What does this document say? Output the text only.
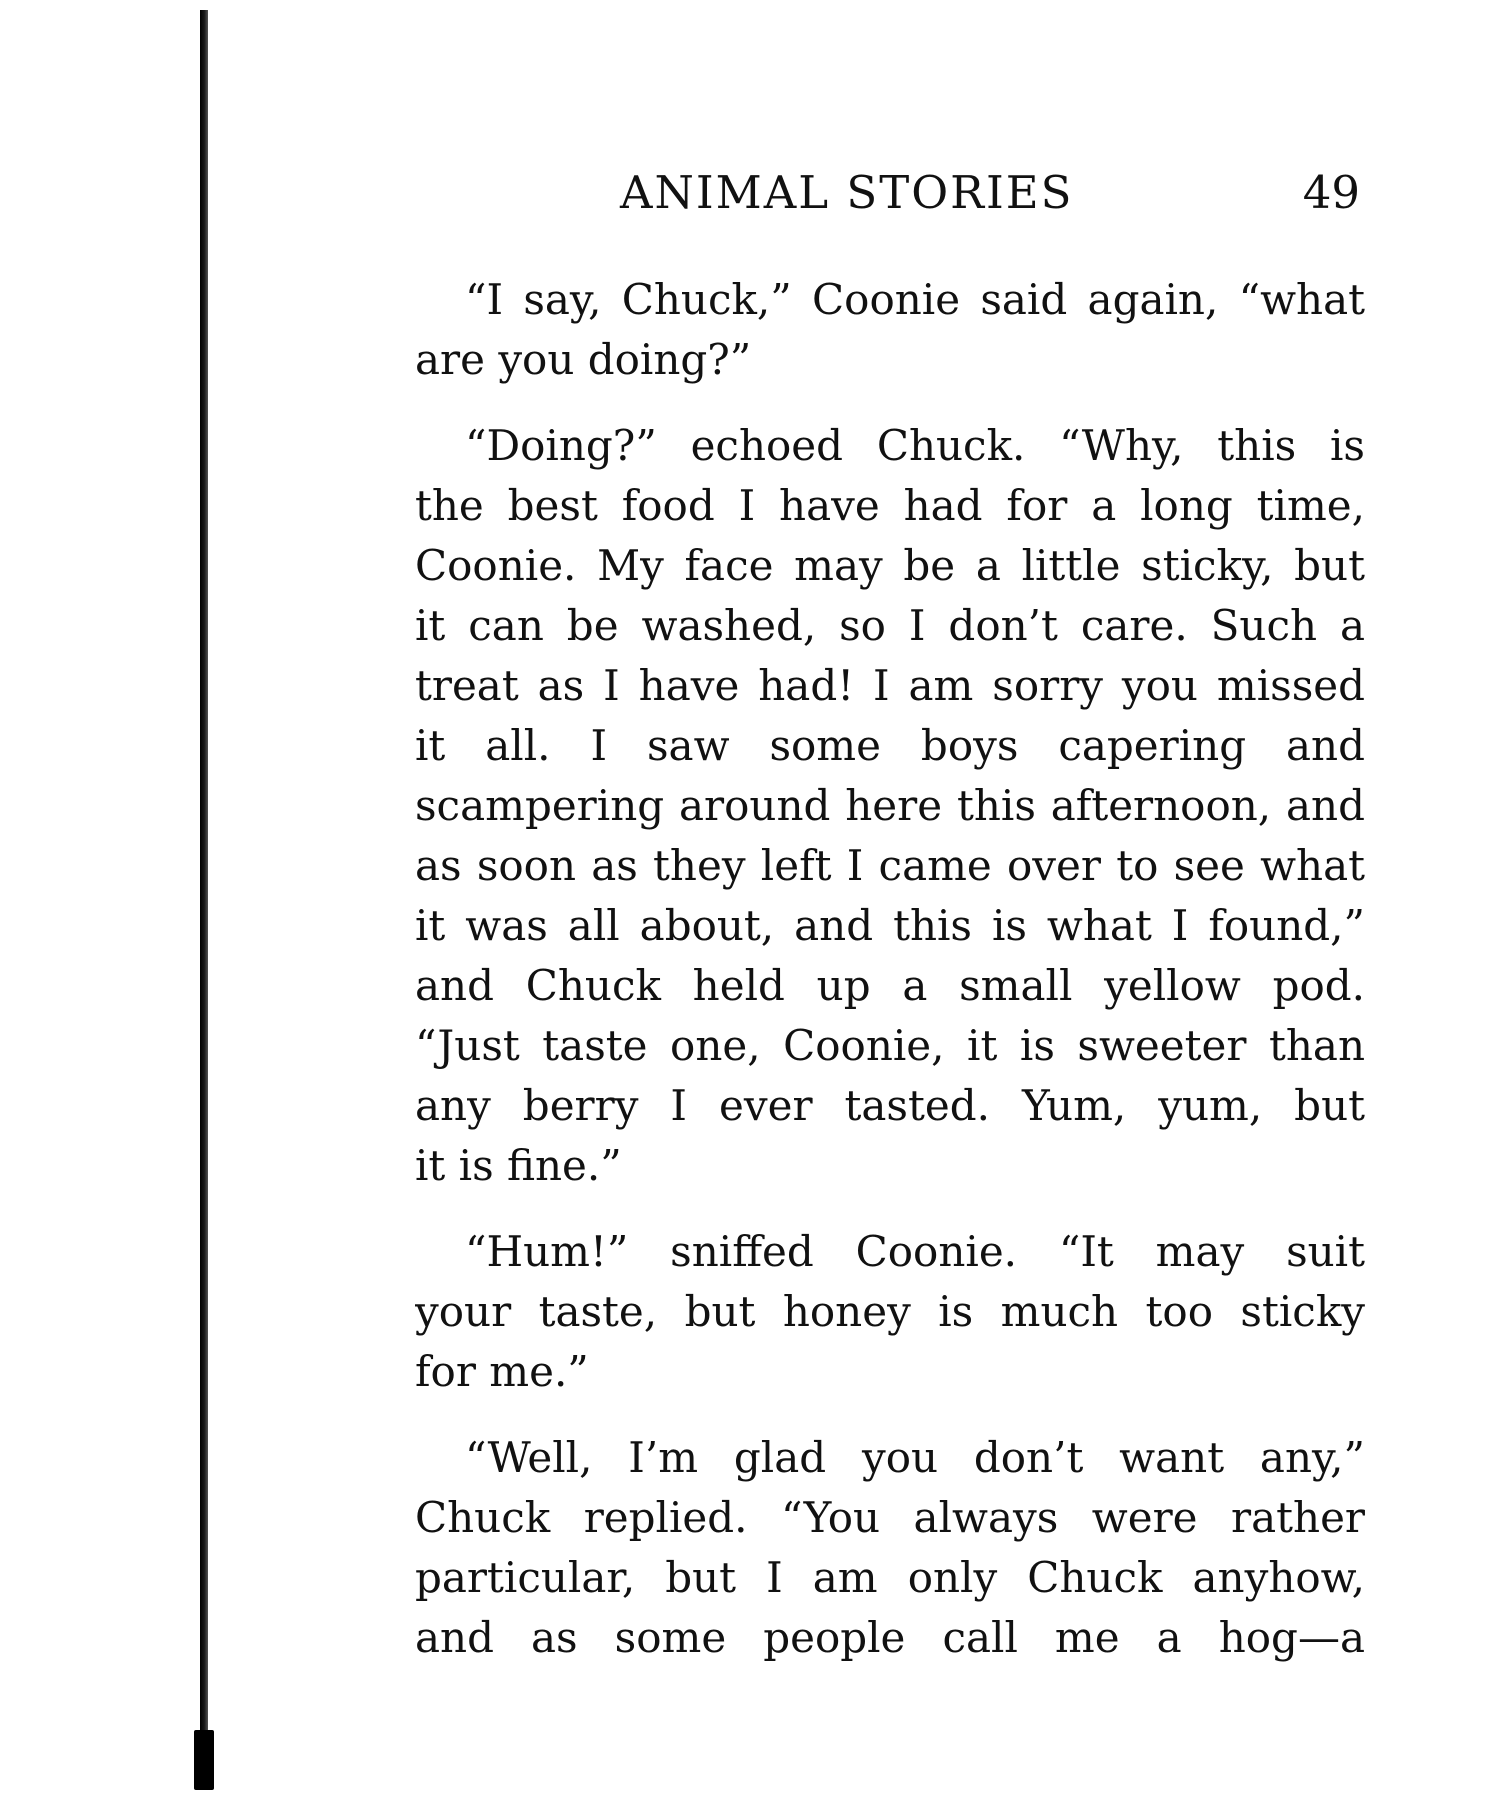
ANIMAL STORIES	49
“I say, Chuck,” Coonie said again, “what
are you doing?”
“Doing?” echoed Chuck. “Why, this is
the best food I have had for a long time,
Coonie. My face may be a little sticky, but
it can be washed, so I don’t care. Such a
treat as I have had! I am sorry you missed
it all. I saw some boys capering and
scampering around here this afternoon, and
as soon as they left I came over to see what
it was all about, and this is what I found,”
and Chuck held up a small yellow pod.
“Just taste one, Coonie, it is sweeter than
any berry I ever tasted. Yum, yum, but
it is fine.”
“Hum!” sniffed Coonie. “It may suit
your taste, but honey is much too sticky
for me.”
“Well, I’m glad you don’t want any,”
Chuck replied. “You always were rather
particular, but I am only Chuck anyhow,
and as some people call me a hog—a
